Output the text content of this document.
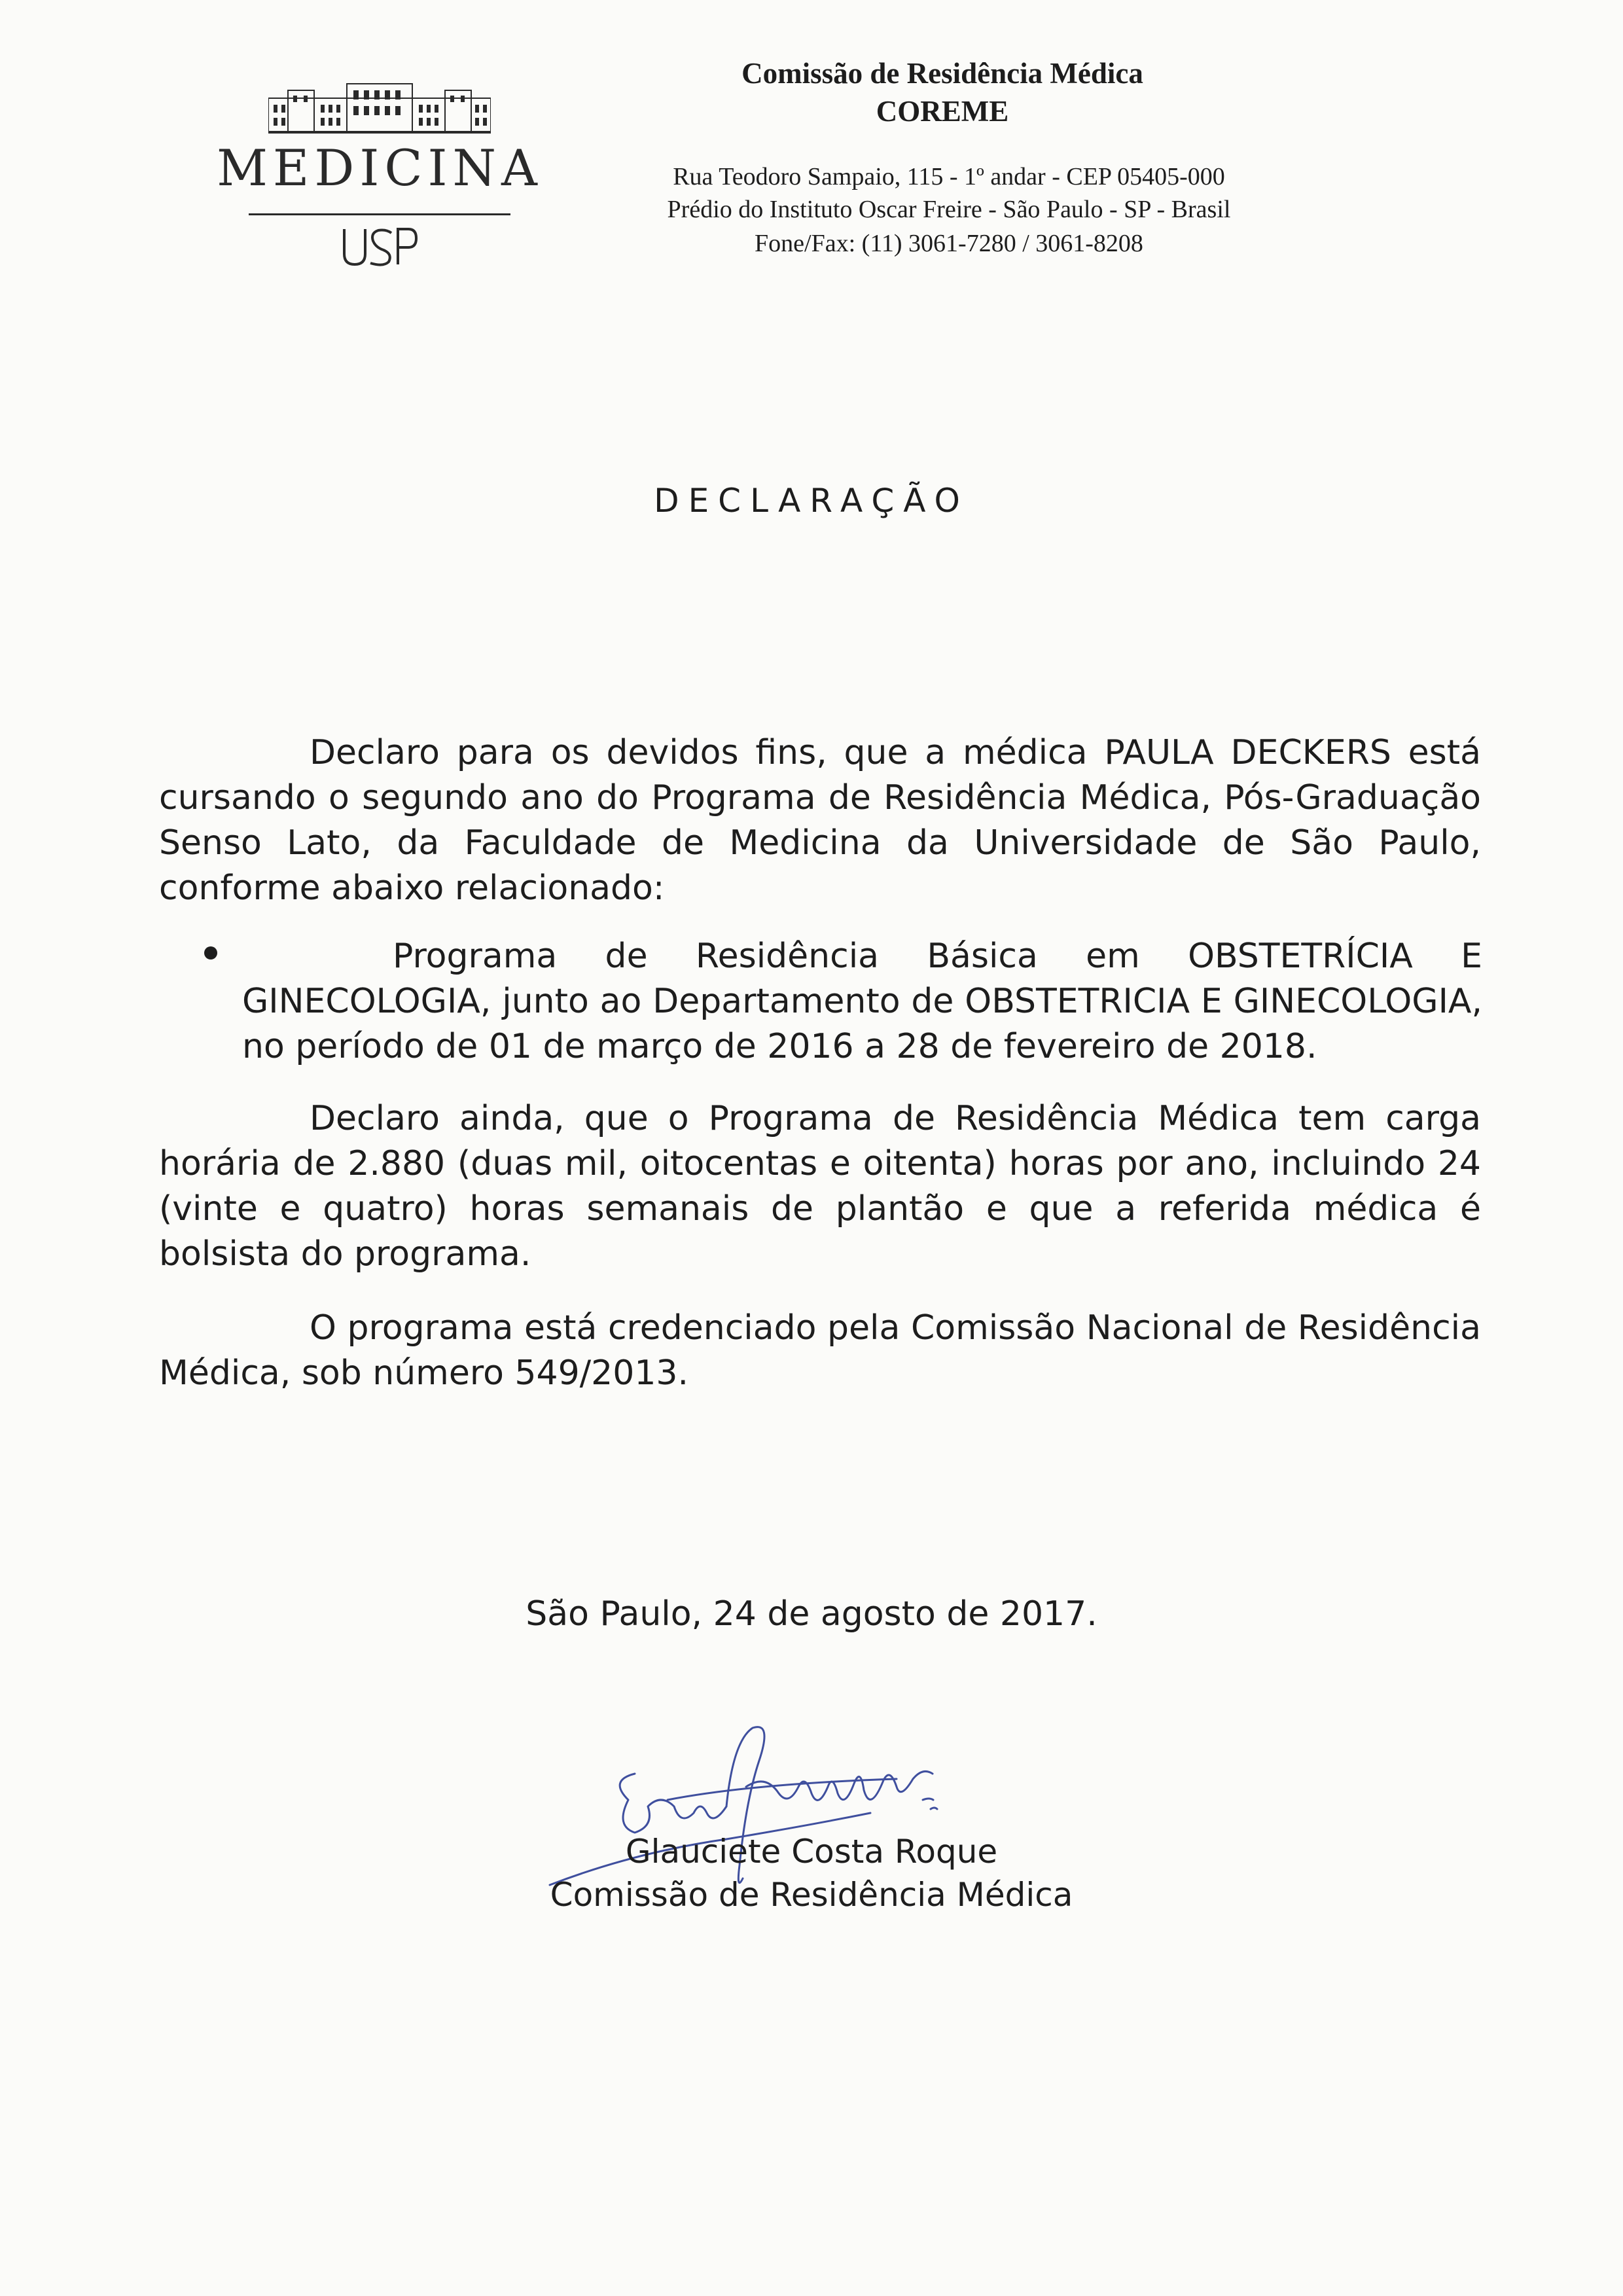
MEDICINA
Comissão de Residência Médica
COREME
Rua Teodoro Sampaio, 115 - 1º andar - CEP 05405-000
Prédio do Instituto Oscar Freire - São Paulo - SP - Brasil
Fone/Fax: (11) 3061-7280 / 3061-8208
DECLARAÇÃO
Declaro para os devidos fins, que a médica PAULA DECKERS está cursando o segundo ano do Programa de Residência Médica, Pós-Graduação Senso Lato, da Faculdade de Medicina da Universidade de São Paulo, conforme abaixo relacionado:
Programa de Residência Básica em OBSTETRÍCIA E GINECOLOGIA, junto ao Departamento de OBSTETRICIA E GINECOLOGIA, no período de 01 de março de 2016 a 28 de fevereiro de 2018.
Declaro ainda, que o Programa de Residência Médica tem carga horária de 2.880 (duas mil, oitocentas e oitenta) horas por ano, incluindo 24 (vinte e quatro) horas semanais de plantão e que a referida médica é bolsista do programa.
O programa está credenciado pela Comissão Nacional de Residência Médica, sob número 549/2013.
São Paulo, 24 de agosto de 2017.
Glauciete Costa Roque
Comissão de Residência Médica
